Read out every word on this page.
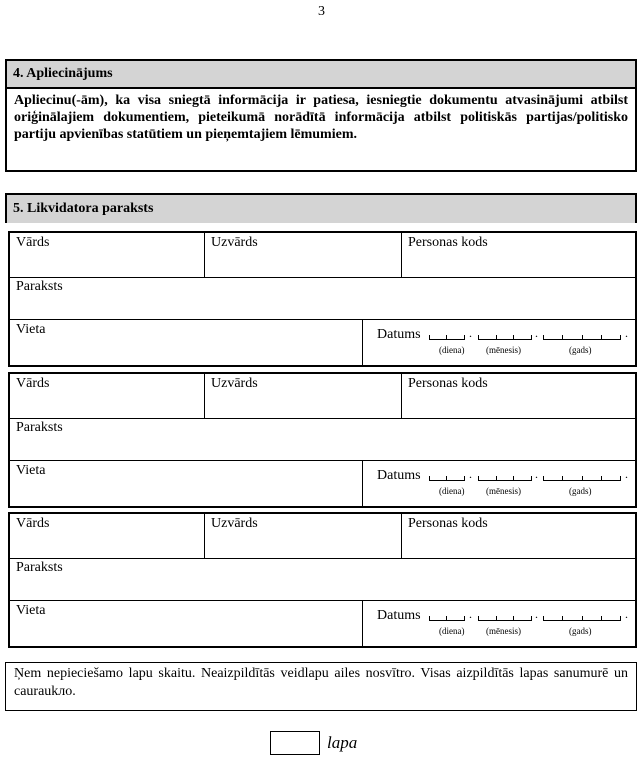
3
4. Apliecinājums
Apliecinu(-ām), ka visa sniegtā informācija ir patiesa, iesniegtie dokumentu atvasinājumi atbilst oriģinālajiem dokumentiem, pieteikumā norādītā informācija atbilst politiskās partijas/politisko partiju apvienības statūtiem un pieņemtajiem lēmumiem.
5. Likvidatora paraksts
Vārds	Uzvārds	Personas kods
Paraksts
Vieta	Datums	.	.	.
(diena) (mēnesis)	(gads)
Vārds	Uzvārds	Personas kods
Paraksts
Vieta	Datums	.	.	.
(diena) (mēnesis)	(gads)
Vārds	Uzvārds	Personas kods
Paraksts
Vieta	Datums	.	.	.
(diena) (mēnesis)	(gads)
Ņem nepieciešamo lapu skaitu. Neaizpildītās veidlapu ailes nosvītro. Visas aizpildītās lapas sanumurē un cauraukло.
lapa
